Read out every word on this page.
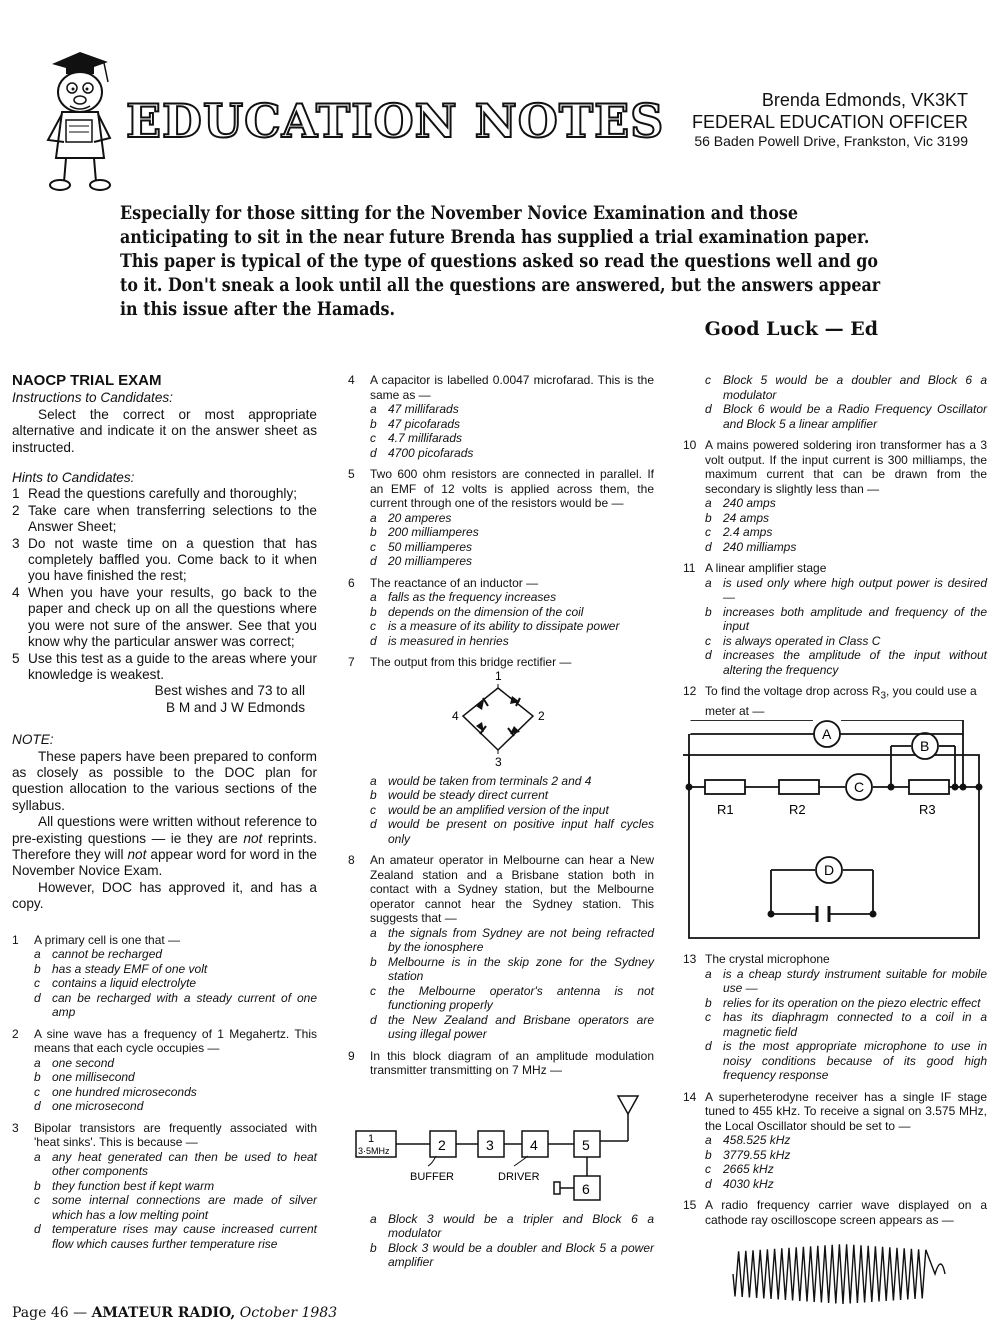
EDUCATION NOTES	Brenda Edmonds, VK3KT
FEDERAL EDUCATION OFFICER
56 Baden Powell Drive, Frankston, Vic 3199
Especially for those sitting for the November Novice Examination and those anticipating to sit in the near future Brenda has supplied a trial examination paper. This paper is typical of the type of questions asked so read the questions well and go to it. Don't sneak a look until all the questions are answered, but the answers appear in this issue after the Hamads.
Good Luck — Ed
NAOCP TRIAL EXAM
Instructions to Candidates:

Select the correct or most appropriate alternative and indicate it on the answer sheet as instructed.

Hints to Candidates:
1 Read the questions carefully and thoroughly;
2 Take care when transferring selections to the Answer Sheet;
3 Do not waste time on a question that has completely baffled you. Come back to it when you have finished the rest;
4 When you have your results, go back to the paper and check up on all the questions where you were not sure of the answer. See that you know why the particular answer was correct;
5 Use this test as a guide to the areas where your knowledge is weakest.
Best wishes and 73 to all
B M and J W Edmonds
NOTE:

These papers have been prepared to conform as closely as possible to the DOC plan for question allocation to the various sections of the syllabus.

All questions were written without reference to pre-existing questions — ie they are not reprints. Therefore they will not appear word for word in the November Novice Exam.

However, DOC has approved it, and has a copy.

1	A primary cell is one that —
a cannot be recharged
b has a steady EMF of one volt
c	contains a liquid electrolyte
d can be recharged with a steady current of one amp
2	A sine wave has a frequency of 1 Megahertz. This means that each cycle occupies —
a one second
b one millisecond
c	one hundred microseconds
d one microsecond
3	Bipolar transistors are frequently associated with 'heat sinks'. This is because —
a any heat generated can then be used to heat other components
b they function best if kept warm
c	some internal connections are made of silver which has a low melting point
d temperature rises may cause increased current flow which causes further temperature rise
4	A capacitor is labelled 0.0047 microfarad. This is the same as —
a 47 millifarads
b 47 picofarads
c	4.7 millifarads
d 4700 picofarads
5	Two 600 ohm resistors are connected in parallel. If an EMF of 12 volts is applied across them, the current through one of the resistors would be —
a 20 amperes
b 200 milliamperes
c	50 milliamperes
d 20 milliamperes
6	The reactance of an inductor —
a falls as the frequency increases
b depends on the dimension of the coil
c	is a measure of its ability to dissipate power
d is measured in henries
7	The output from this bridge rectifier —
1
2
3
4
a would be taken from terminals 2 and 4
b would be steady direct current
c	would be an amplified version of the input
d would be present on positive input half cycles only
8	An amateur operator in Melbourne can hear a New Zealand station and a Brisbane station both in contact with a Sydney station, but the Melbourne operator cannot hear the Sydney station. This suggests that —
a the signals from Sydney are not being refracted by the ionosphere
b Melbourne is in the skip zone for the Sydney station
c	the Melbourne operator's antenna is not functioning properly
d the New Zealand and Brisbane operators are using illegal power
9	In this block diagram of an amplitude modulation transmitter transmitting on 7 MHz —
1
3·5MHz	2	3	4	5
6
BUFFER	DRIVER
a Block 3 would be a tripler and Block 6 a modulator
b Block 3 would be a doubler and Block 5 a power amplifier
c	Block 5 would be a doubler and Block 6 a modulator
d Block 6 would be a Radio Frequency Oscillator and Block 5 a linear amplifier
10 A mains powered soldering iron transformer has a 3 volt output. If the input current is 300 milliamps, the maximum current that can be drawn from the secondary is slightly less than —
a 240 amps
b 24 amps
c	2.4 amps
d 240 milliamps
11 A linear amplifier stage
a is used only where high output power is desired —
b increases both amplitude and frequency of the input
c	is always operated in Class C
d increases the amplitude of the input without altering the frequency
12 To find the voltage drop across $R_3$, you could use a meter at —
A
B
C
D
R1	R2	R3
13 The crystal microphone
a is a cheap sturdy instrument suitable for mobile use —
b relies for its operation on the piezo electric effect
c	has its diaphragm connected to a coil in a magnetic field
d is the most appropriate microphone to use in noisy conditions because of its good high frequency response
14 A superheterodyne receiver has a single IF stage tuned to 455 kHz. To receive a signal on 3.575 MHz, the Local Oscillator should be set to —
a 458.525 kHz
b 3779.55 kHz
c	2665 kHz
d 4030 kHz
15 A radio frequency carrier wave displayed on a cathode ray oscilloscope screen appears as —
Page 46 — AMATEUR RADIO, October 1983
